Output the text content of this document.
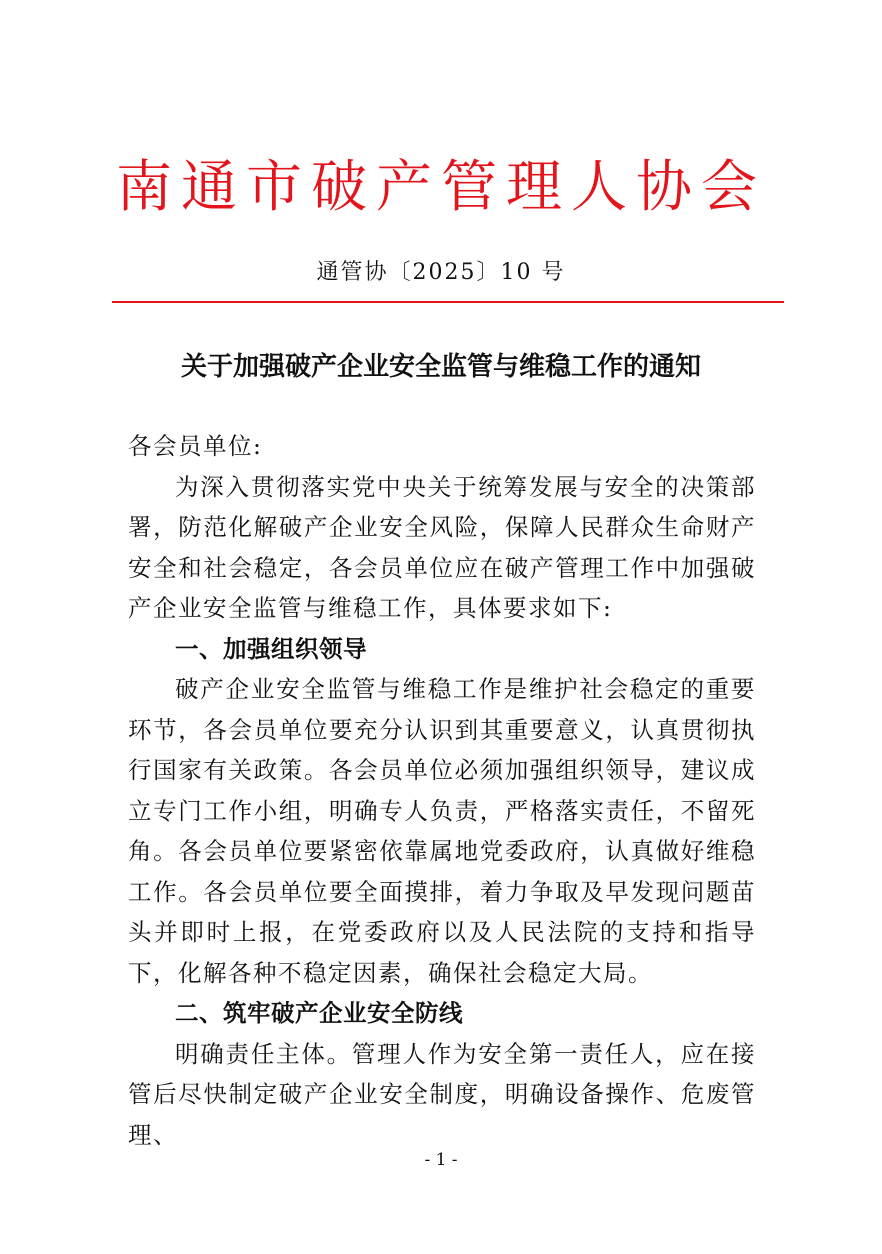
南通市破产管理人协会
通管协〔2025〕10 号
关于加强破产企业安全监管与维稳工作的通知

各会员单位:

为深入贯彻落实党中央关于统筹发展与安全的决策部署，防范化解破产企业安全风险，保障人民群众生命财产安全和社会稳定，各会员单位应在破产管理工作中加强破产企业安全监管与维稳工作，具体要求如下:

一、加强组织领导

破产企业安全监管与维稳工作是维护社会稳定的重要环节，各会员单位要充分认识到其重要意义，认真贯彻执行国家有关政策。各会员单位必须加强组织领导，建议成立专门工作小组，明确专人负责，严格落实责任，不留死角。各会员单位要紧密依靠属地党委政府，认真做好维稳工作。各会员单位要全面摸排，着力争取及早发现问题苗头并即时上报，在党委政府以及人民法院的支持和指导下，化解各种不稳定因素，确保社会稳定大局。

二、筑牢破产企业安全防线

明确责任主体。管理人作为安全第一责任人，应在接管后尽快制定破产企业安全制度，明确设备操作、危废管理、

- 1 -
